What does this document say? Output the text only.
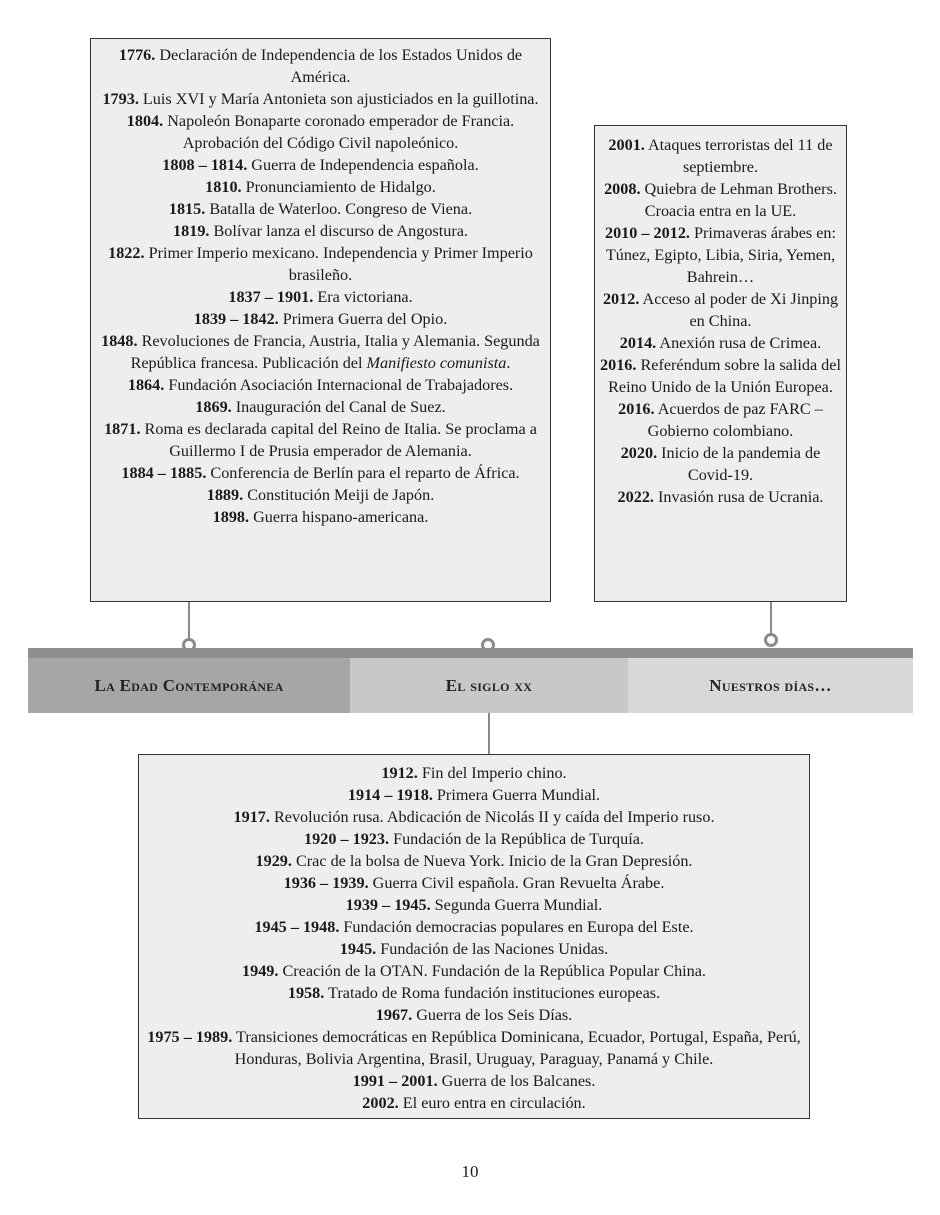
1776. Declaración de Independencia de los Estados Unidos de América.

1793. Luis XVI y María Antonieta son ajusticiados en la guillotina.

1804. Napoleón Bonaparte coronado emperador de Francia. Aprobación del Código Civil napoleónico.

1808 – 1814. Guerra de Independencia española.

1810. Pronunciamiento de Hidalgo.

1815. Batalla de Waterloo. Congreso de Viena.

1819. Bolívar lanza el discurso de Angostura.

1822. Primer Imperio mexicano. Independencia y Primer Imperio brasileño.

1837 – 1901. Era victoriana.

1839 – 1842. Primera Guerra del Opio.

1848. Revoluciones de Francia, Austria, Italia y Alemania. Segunda República francesa. Publicación del Manifiesto comunista.

1864. Fundación Asociación Internacional de Trabajadores.

1869. Inauguración del Canal de Suez.

1871. Roma es declarada capital del Reino de Italia. Se proclama a Guillermo I de Prusia emperador de Alemania.

1884 – 1885. Conferencia de Berlín para el reparto de África.

1889. Constitución Meiji de Japón.

1898. Guerra hispano-americana.

2001. Ataques terroristas del 11 de septiembre.

2008. Quiebra de Lehman Brothers. Croacia entra en la UE.

2010 – 2012. Primaveras árabes en: Túnez, Egipto, Libia, Siria, Yemen, Bahrein…

2012. Acceso al poder de Xi Jinping en China.

2014. Anexión rusa de Crimea.

2016. Referéndum sobre la salida del Reino Unido de la Unión Europea.

2016. Acuerdos de paz FARC – Gobierno colombiano.

2020. Inicio de la pandemia de Covid-19.

2022. Invasión rusa de Ucrania.

La Edad Contemporánea	El siglo xx	Nuestros días…

1912. Fin del Imperio chino.

1914 – 1918. Primera Guerra Mundial.

1917. Revolución rusa. Abdicación de Nicolás II y caída del Imperio ruso.

1920 – 1923. Fundación de la República de Turquía.

1929. Crac de la bolsa de Nueva York. Inicio de la Gran Depresión.

1936 – 1939. Guerra Civil española. Gran Revuelta Árabe.

1939 – 1945. Segunda Guerra Mundial.

1945 – 1948. Fundación democracias populares en Europa del Este.

1945. Fundación de las Naciones Unidas.

1949. Creación de la OTAN. Fundación de la República Popular China.

1958. Tratado de Roma fundación instituciones europeas.

1967. Guerra de los Seis Días.

1975 – 1989. Transiciones democráticas en República Dominicana, Ecuador, Portugal, España, Perú, Honduras, Bolivia Argentina, Brasil, Uruguay, Paraguay, Panamá y Chile.

1991 – 2001. Guerra de los Balcanes.

2002. El euro entra en circulación.

10
